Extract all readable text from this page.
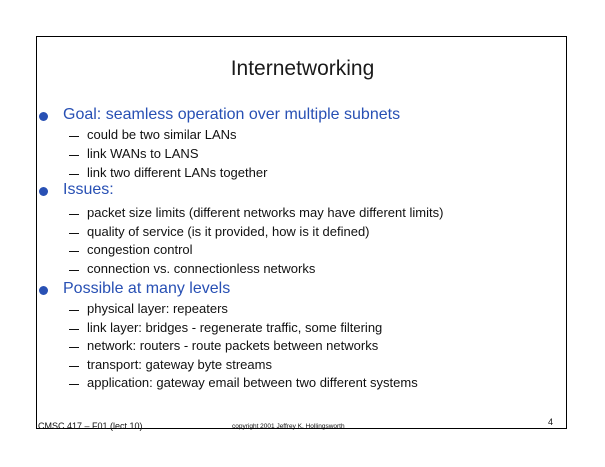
Internetworking
Goal: seamless operation over multiple subnets
could be two similar LANs
link WANs to LANS
link two different LANs together
Issues:
packet size limits (different networks may have different limits)
quality of service (is it provided, how is it defined)
congestion control
connection vs. connectionless networks
Possible at many levels
physical layer: repeaters
link layer: bridges - regenerate traffic, some filtering
network: routers - route packets between networks
transport: gateway byte streams
application: gateway email between two different systems
CMSC 417 – F01 (lect 10)	copyright 2001 Jeffrey K. Hollingsworth	4
